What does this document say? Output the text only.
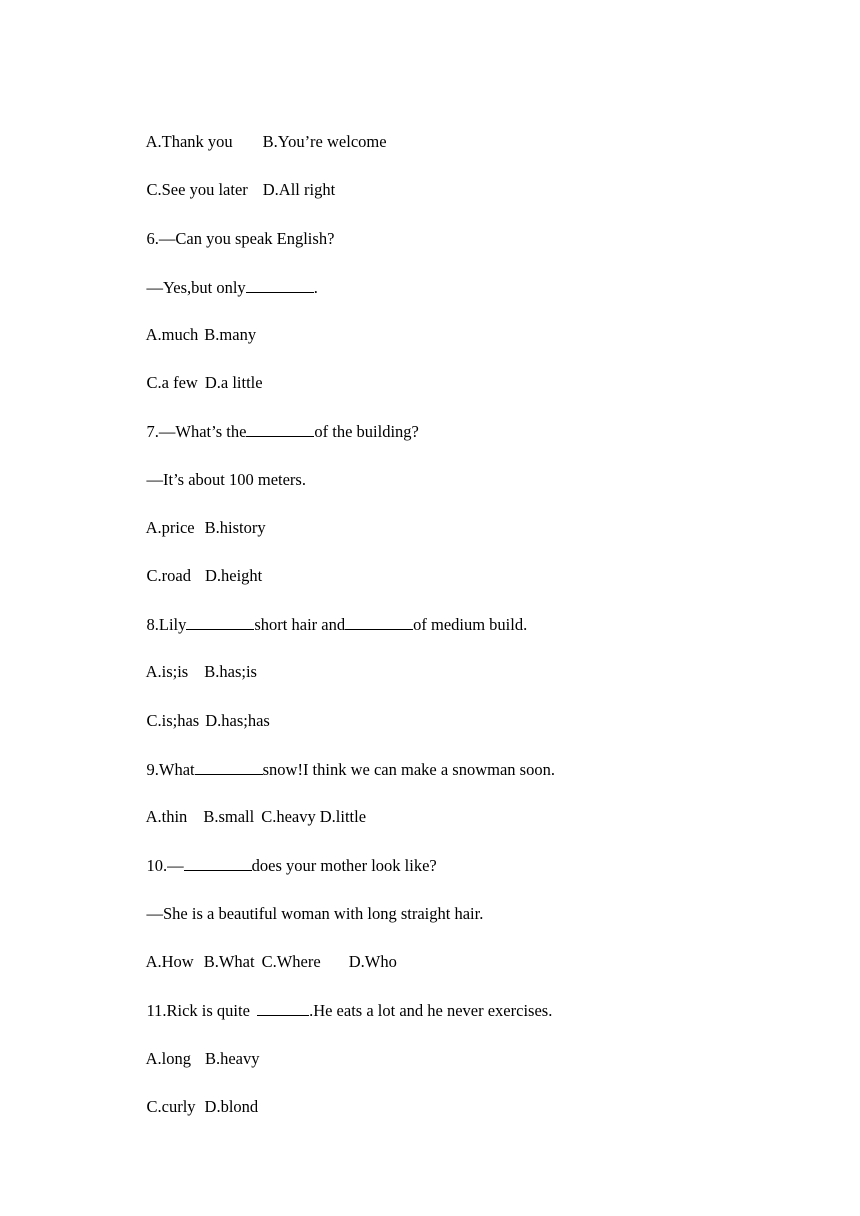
A.Thank you B.You’re welcome

C.See you later D.All right

6.—Can you speak English?

—Yes,but only	.

A.much B.many

C.a few D.a little

7.—What’s the	of the building?

—It’s about 100 meters.

A.price B.history

C.road D.height

8.Lily	short hair and	of medium build.

A.is;is B.has;is

C.is;has D.has;has

9.What	snow!I think we can make a snowman soon.

A.thin B.small C.heavy D.little

10.—	does your mother look like?

—She is a beautiful woman with long straight hair.

A.How B.What C.Where D.Who

11.Rick is quite	.He eats a lot and he never exercises.

A.long B.heavy

C.curly D.blond
